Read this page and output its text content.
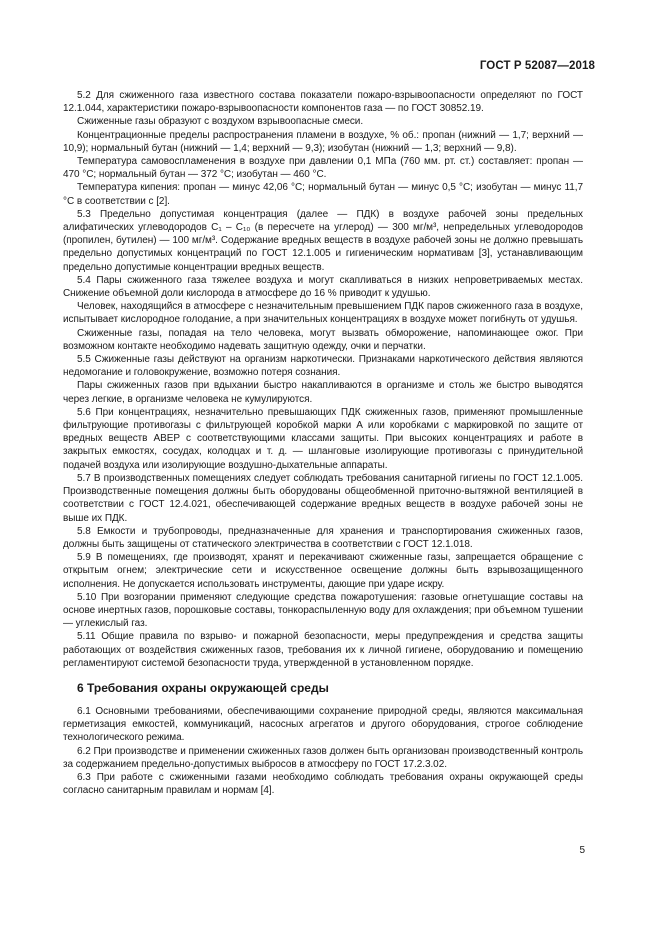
ГОСТ Р 52087—2018

5.2 Для сжиженного газа известного состава показатели пожаро-взрывоопасности определяют по ГОСТ 12.1.044, характеристики пожаро-взрывоопасности компонентов газа — по ГОСТ 30852.19.

Сжиженные газы образуют с воздухом взрывоопасные смеси.

Концентрационные пределы распространения пламени в воздухе, % об.: пропан (нижний — 1,7; верхний — 10,9); нормальный бутан (нижний — 1,4; верхний — 9,3); изобутан (нижний — 1,3; верхний — 9,8).

Температура самовоспламенения в воздухе при давлении 0,1 МПа (760 мм. рт. ст.) составляет: пропан — 470 °С; нормальный бутан — 372 °С; изобутан — 460 °С.

Температура кипения: пропан — минус 42,06 °С; нормальный бутан — минус 0,5 °С; изобутан — минус 11,7 °С в соответствии с [2].

5.3 Предельно допустимая концентрация (далее — ПДК) в воздухе рабочей зоны предельных алифатических углеводородов С₁ – С₁₀ (в пересчете на углерод) — 300 мг/м³, непредельных углеводородов (пропилен, бутилен) — 100 мг/м³. Содержание вредных веществ в воздухе рабочей зоны не должно превышать предельно допустимых концентраций по ГОСТ 12.1.005 и гигиеническим нормативам [3], устанавливающим предельно допустимые концентрации вредных веществ.

5.4 Пары сжиженного газа тяжелее воздуха и могут скапливаться в низких непроветриваемых местах. Снижение объемной доли кислорода в атмосфере до 16 % приводит к удушью.

Человек, находящийся в атмосфере с незначительным превышением ПДК паров сжиженного газа в воздухе, испытывает кислородное голодание, а при значительных концентрациях в воздухе может погибнуть от удушья.

Сжиженные газы, попадая на тело человека, могут вызвать обморожение, напоминающее ожог. При возможном контакте необходимо надевать защитную одежду, очки и перчатки.

5.5 Сжиженные газы действуют на организм наркотически. Признаками наркотического действия являются недомогание и головокружение, возможно потеря сознания.

Пары сжиженных газов при вдыхании быстро накапливаются в организме и столь же быстро выводятся через легкие, в организме человека не кумулируются.

5.6 При концентрациях, незначительно превышающих ПДК сжиженных газов, применяют промышленные фильтрующие противогазы с фильтрующей коробкой марки А или коробками с маркировкой по защите от вредных веществ АВЕР с соответствующими классами защиты. При высоких концентрациях и работе в закрытых емкостях, сосудах, колодцах и т. д. — шланговые изолирующие противогазы с принудительной подачей воздуха или изолирующие воздушно-дыхательные аппараты.

5.7 В производственных помещениях следует соблюдать требования санитарной гигиены по ГОСТ 12.1.005. Производственные помещения должны быть оборудованы общеобменной приточно-вытяжной вентиляцией в соответствии с ГОСТ 12.4.021, обеспечивающей содержание вредных веществ в воздухе рабочей зоны не выше их ПДК.

5.8 Емкости и трубопроводы, предназначенные для хранения и транспортирования сжиженных газов, должны быть защищены от статического электричества в соответствии с ГОСТ 12.1.018.

5.9 В помещениях, где производят, хранят и перекачивают сжиженные газы, запрещается обращение с открытым огнем; электрические сети и искусственное освещение должны быть взрывозащищенного исполнения. Не допускается использовать инструменты, дающие при ударе искру.

5.10 При возгорании применяют следующие средства пожаротушения: газовые огнетушащие составы на основе инертных газов, порошковые составы, тонкораспыленную воду для охлаждения; при объемном тушении — углекислый газ.

5.11 Общие правила по взрыво- и пожарной безопасности, меры предупреждения и средства защиты работающих от воздействия сжиженных газов, требования их к личной гигиене, оборудованию и помещению регламентируют системой безопасности труда, утвержденной в установленном порядке.

6 Требования охраны окружающей среды

6.1 Основными требованиями, обеспечивающими сохранение природной среды, являются максимальная герметизация емкостей, коммуникаций, насосных агрегатов и другого оборудования, строгое соблюдение технологического режима.

6.2 При производстве и применении сжиженных газов должен быть организован производственный контроль за содержанием предельно-допустимых выбросов в атмосферу по ГОСТ 17.2.3.02.

6.3 При работе с сжиженными газами необходимо соблюдать требования охраны окружающей среды согласно санитарным правилам и нормам [4].

5
